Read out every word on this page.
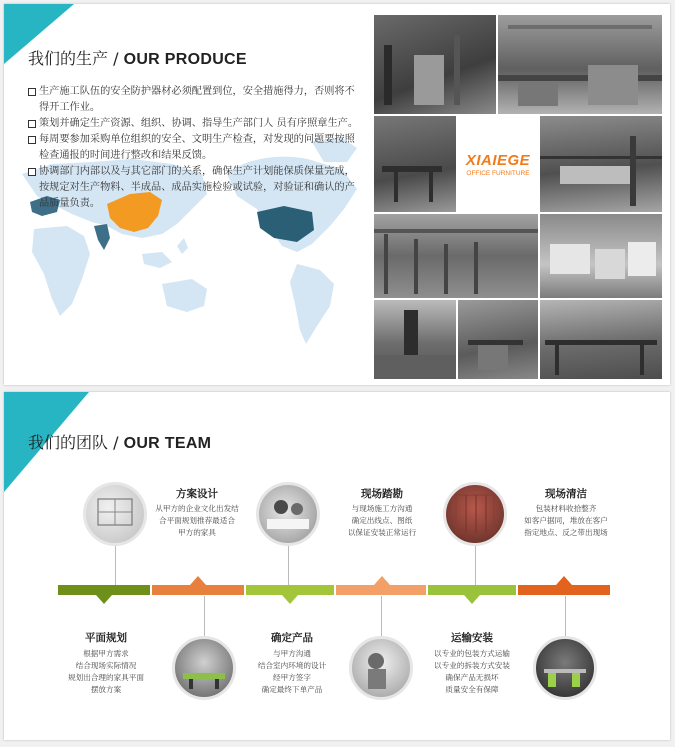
我们的生产 / OUR PRODUCE
生产施工队伍的安全防护器材必须配置到位，安全措施得力，否则将不得开工作业。
策划并确定生产资源、组织、协调、指导生产部门人 员有序照章生产。
每周要参加采购单位组织的安全、文明生产检查，对发现的问题要按照检查通报的时间进行整改和结果反馈。
协调部门内部以及与其它部门的关系，确保生产计划能保质保量完成，按规定对生产物料、半成品、成品实施检验或试验，对验证和确认的产品质量负责。
XIAIEGE
OFFICE FURNITURE
我们的团队 / OUR TEAM
方案设计
从甲方的企业文化出发结
合平面规划推荐最适合
甲方的家具
现场踏勘
与现场施工方沟通
确定出线点、图纸
以保证安装正常运行
现场清洁
包装材料收拾整齐
如客户据同，堆放在客户
指定地点、反之带出现场
平面规划
根据甲方需求
结合现场实际情况
规划出合理的家具平面
摆放方案
确定产品
与甲方沟通
结合室内环境的设计
经甲方签字
确定最终下单产品
运输安装
以专业的包装方式运输
以专业的拆装方式安装
确保产品无损坏
质量安全有保障
